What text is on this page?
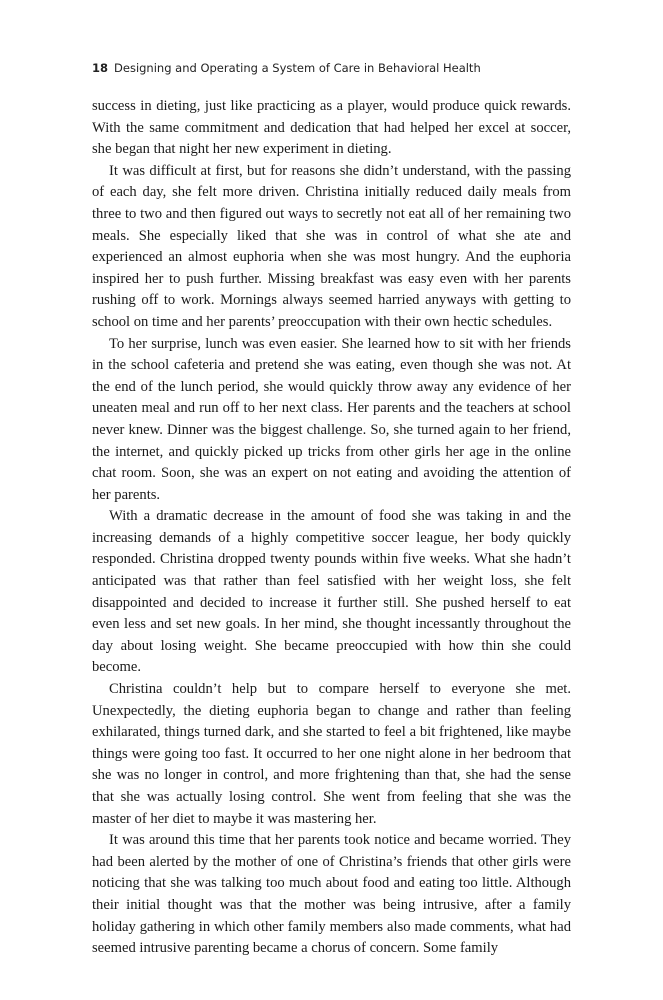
18 Designing and Operating a System of Care in Behavioral Health

success in dieting, just like practicing as a player, would produce quick rewards. With the same commitment and dedication that had helped her excel at soccer, she began that night her new experiment in dieting.

It was difficult at first, but for reasons she didn’t understand, with the passing of each day, she felt more driven. Christina initially reduced daily meals from three to two and then figured out ways to secretly not eat all of her remaining two meals. She especially liked that she was in control of what she ate and experienced an almost euphoria when she was most hungry. And the euphoria inspired her to push further. Missing breakfast was easy even with her parents rushing off to work. Mornings always seemed harried anyways with getting to school on time and her parents’ preoccupation with their own hectic schedules.

To her surprise, lunch was even easier. She learned how to sit with her friends in the school cafeteria and pretend she was eating, even though she was not. At the end of the lunch period, she would quickly throw away any evidence of her uneaten meal and run off to her next class. Her parents and the teachers at school never knew. Dinner was the biggest challenge. So, she turned again to her friend, the internet, and quickly picked up tricks from other girls her age in the online chat room. Soon, she was an expert on not eating and avoiding the attention of her parents.

With a dramatic decrease in the amount of food she was taking in and the increasing demands of a highly competitive soccer league, her body quickly responded. Christina dropped twenty pounds within five weeks. What she hadn’t anticipated was that rather than feel satisfied with her weight loss, she felt disappointed and decided to increase it further still. She pushed herself to eat even less and set new goals. In her mind, she thought incessantly throughout the day about losing weight. She became preoccupied with how thin she could become.

Christina couldn’t help but to compare herself to everyone she met. Unexpectedly, the dieting euphoria began to change and rather than feeling exhilarated, things turned dark, and she started to feel a bit frightened, like maybe things were going too fast. It occurred to her one night alone in her bedroom that she was no longer in control, and more frightening than that, she had the sense that she was actually losing control. She went from feeling that she was the master of her diet to maybe it was mastering her.

It was around this time that her parents took notice and became worried. They had been alerted by the mother of one of Christina’s friends that other girls were noticing that she was talking too much about food and eating too little. Although their initial thought was that the mother was being intrusive, after a family holiday gathering in which other family members also made comments, what had seemed intrusive parenting became a chorus of concern. Some family
